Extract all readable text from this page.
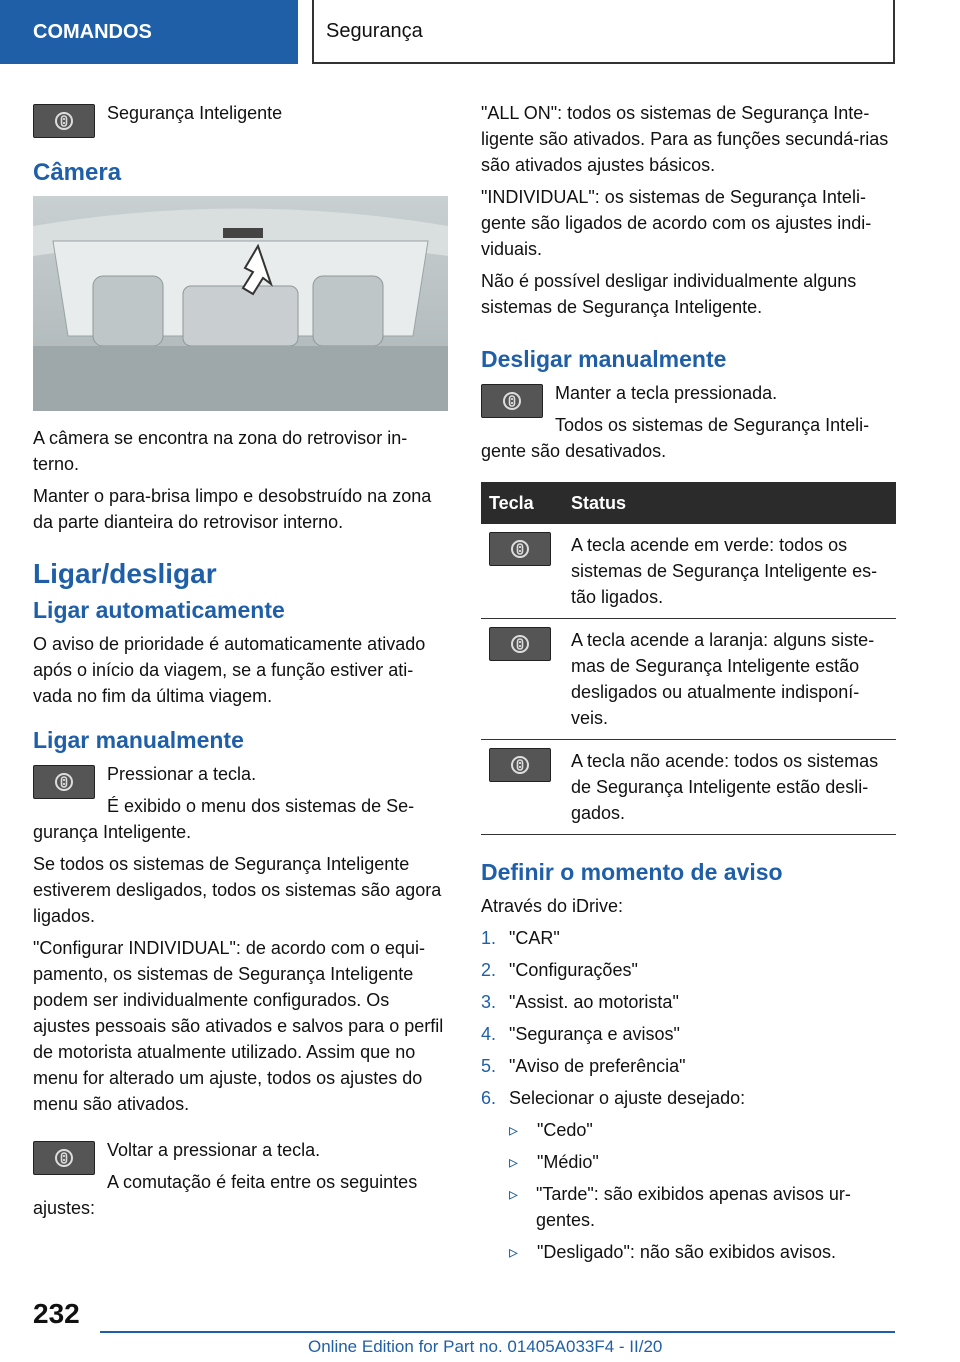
COMANDOS	Segurança

Segurança Inteligente

Câmera

A câmera se encontra na zona do retrovisor in-terno.

Manter o para-brisa limpo e desobstruído na zona da parte dianteira do retrovisor interno.

Ligar/desligar
Ligar automaticamente

O aviso de prioridade é automaticamente ativado após o início da viagem, se a função estiver ati-vada no fim da última viagem.

Ligar manualmente

Pressionar a tecla.

É exibido o menu dos sistemas de Se-gurança Inteligente.

Se todos os sistemas de Segurança Inteligente estiverem desligados, todos os sistemas são agora ligados.

"Configurar INDIVIDUAL": de acordo com o equi-pamento, os sistemas de Segurança Inteligente podem ser individualmente configurados. Os ajustes pessoais são ativados e salvos para o perfil de motorista atualmente utilizado. Assim que no menu for alterado um ajuste, todos os ajustes do menu são ativados.

Voltar a pressionar a tecla.

A comutação é feita entre os seguintes ajustes:

"ALL ON": todos os sistemas de Segurança Inte-ligente são ativados. Para as funções secundá-rias são ativados ajustes básicos.

"INDIVIDUAL": os sistemas de Segurança Inteli-gente são ligados de acordo com os ajustes indi-viduais.

Não é possível desligar individualmente alguns sistemas de Segurança Inteligente.

Desligar manualmente

Manter a tecla pressionada.

Todos os sistemas de Segurança Inteli-gente são desativados.

Tecla	Status

	A tecla acende em verde: todos os sistemas de Segurança Inteligente es-tão ligados.

	A tecla acende a laranja: alguns siste-mas de Segurança Inteligente estão desligados ou atualmente indisponí-veis.

	A tecla não acende: todos os sistemas de Segurança Inteligente estão desli-gados.
Definir o momento de aviso

Através do iDrive:

1. "CAR"
2. "Configurações"
3. "Assist. ao motorista"
4. "Segurança e avisos"
5. "Aviso de preferência"
6. Selecionar o ajuste desejado:
▹	"Cedo"
▹	"Médio"
▹ "Tarde": são exibidos apenas avisos ur-gentes.
▹	"Desligado": não são exibidos avisos.
232
Online Edition for Part no. 01405A033F4 - II/20
